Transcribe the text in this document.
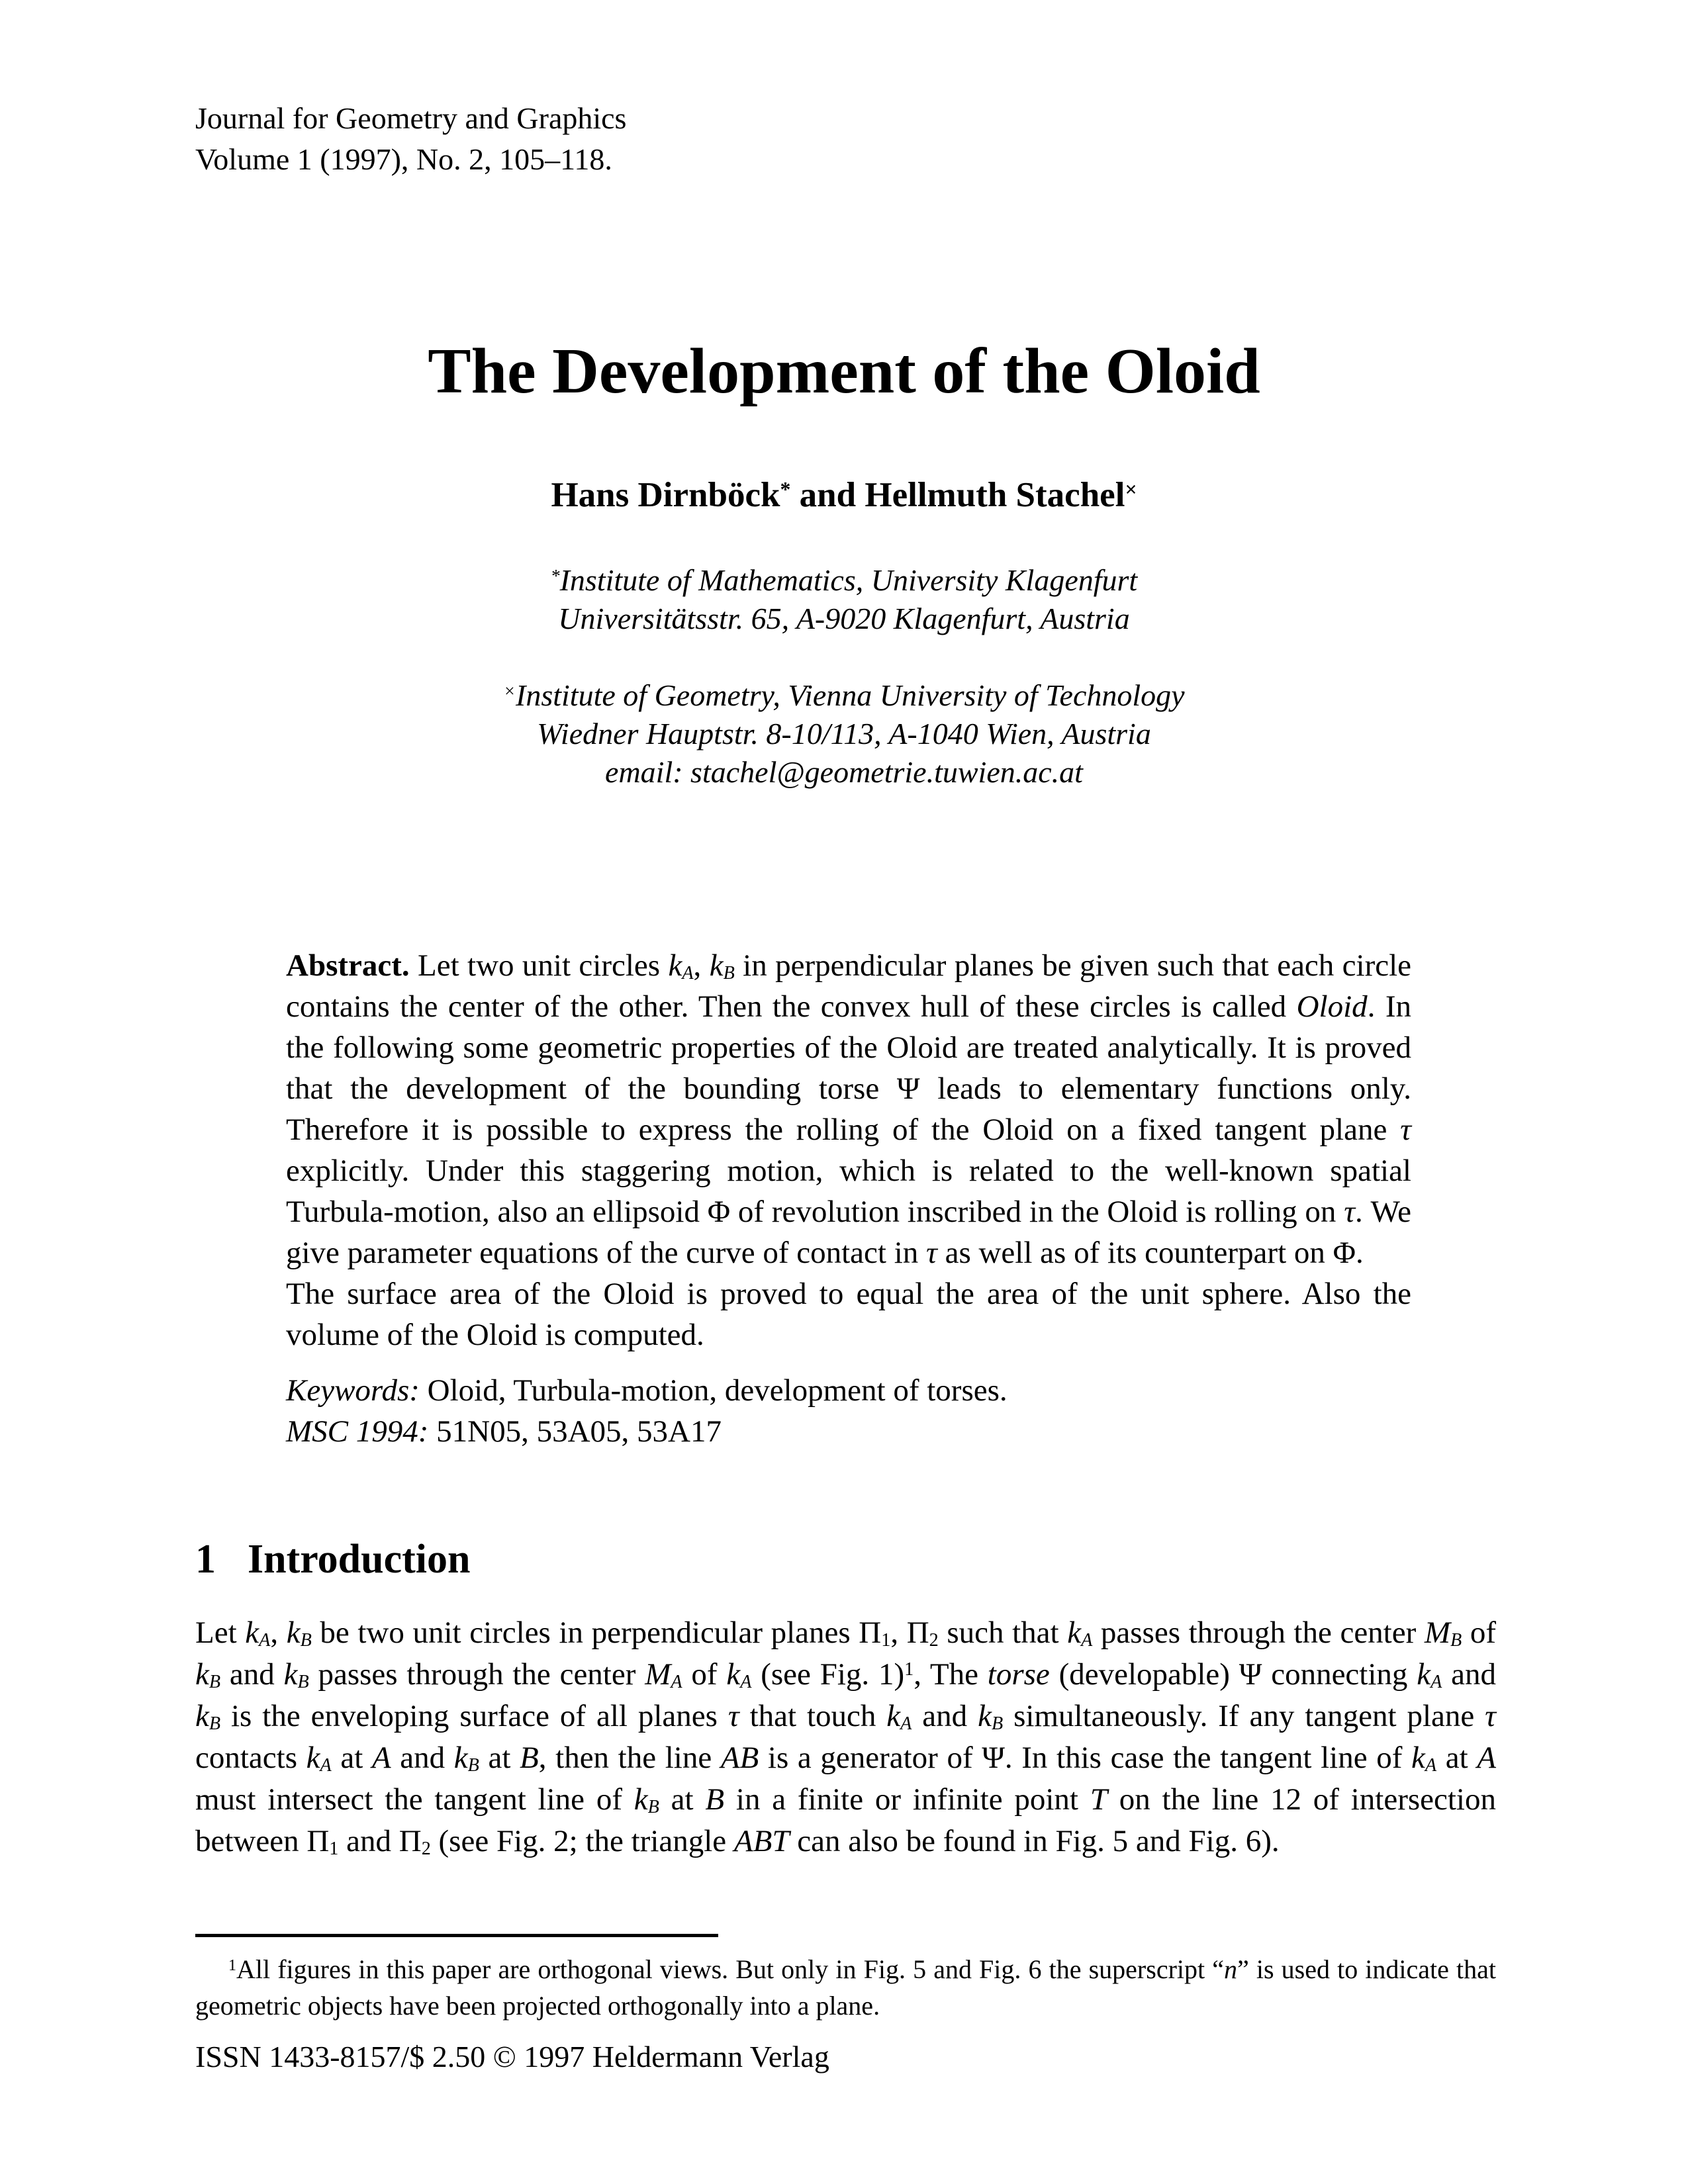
Journal for Geometry and Graphics
Volume 1 (1997), No. 2, 105–118.
The Development of the Oloid
Hans Dirnböck* and Hellmuth Stachel×
*Institute of Mathematics, University Klagenfurt
Universitätsstr. 65, A-9020 Klagenfurt, Austria
×Institute of Geometry, Vienna University of Technology
Wiedner Hauptstr. 8-10/113, A-1040 Wien, Austria
email: stachel@geometrie.tuwien.ac.at

Abstract. Let two unit circles $k_A$, $k_B$ in perpendicular planes be given such that each circle contains the center of the other. Then the convex hull of these circles is called Oloid. In the following some geometric properties of the Oloid are treated analytically. It is proved that the development of the bounding torse Ψ leads to elementary functions only. Therefore it is possible to express the rolling of the Oloid on a fixed tangent plane τ explicitly. Under this staggering motion, which is related to the well-known spatial Turbula-motion, also an ellipsoid Φ of revolution inscribed in the Oloid is rolling on τ. We give parameter equations of the curve of contact in τ as well as of its counterpart on Φ.

The surface area of the Oloid is proved to equal the area of the unit sphere. Also the volume of the Oloid is computed.

Keywords: Oloid, Turbula-motion, development of torses.

MSC 1994: 51N05, 53A05, 53A17

1 Introduction

Let $k_A$, $k_B$ be two unit circles in perpendicular planes $\Pi_1$, $\Pi_2$ such that $k_A$ passes through the center $M_B$ of $k_B$ and $k_B$ passes through the center $M_A$ of $k_A$ (see Fig. 1)$^1$, The torse (developable) Ψ connecting $k_A$ and $k_B$ is the enveloping surface of all planes τ that touch $k_A$ and $k_B$ simultaneously. If any tangent plane τ contacts $k_A$ at A and $k_B$ at B, then the line AB is a generator of Ψ. In this case the tangent line of $k_A$ at A must intersect the tangent line of $k_B$ at B in a finite or infinite point T on the line 12 of intersection between $\Pi_1$ and $\Pi_2$ (see Fig. 2; the triangle ABT can also be found in Fig. 5 and Fig. 6).

$^1$All figures in this paper are orthogonal views. But only in Fig. 5 and Fig. 6 the superscript “n” is used to indicate that geometric objects have been projected orthogonally into a plane.

ISSN 1433-8157/$ 2.50 © 1997 Heldermann Verlag
